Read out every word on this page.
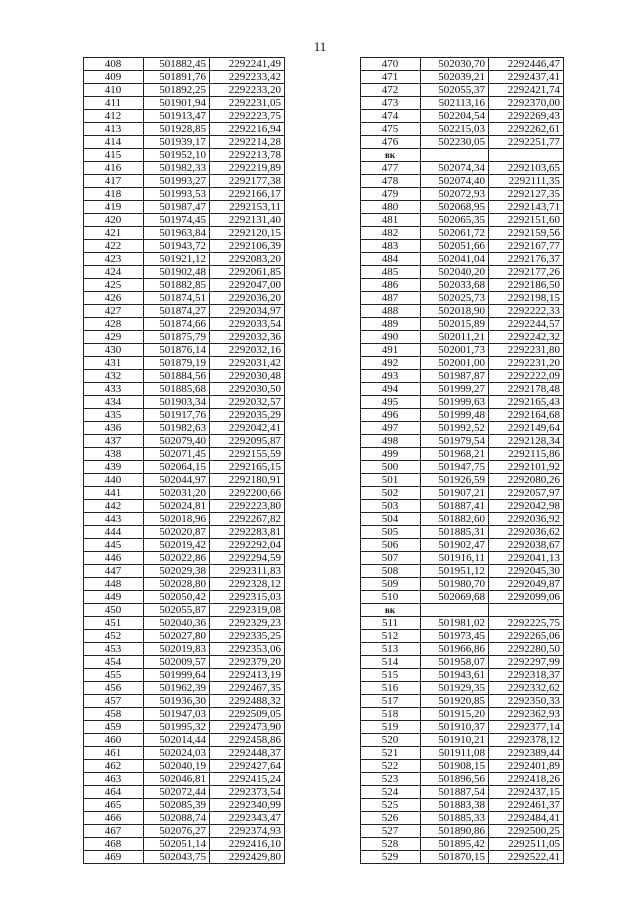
11
408	501882,45	2292241,49
409	501891,76	2292233,42
410	501892,25	2292233,20
411	501901,94	2292231,05
412	501913,47	2292223,75
413	501928,85	2292216,94
414	501939,17	2292214,28
415	501952,10	2292213,78
416	501982,33	2292219,89
417	501993,27	2292177,38
418	501993,53	2292166,17
419	501987,47	2292153,11
420	501974,45	2292131,40
421	501963,84	2292120,15
422	501943,72	2292106,39
423	501921,12	2292083,20
424	501902,48	2292061,85
425	501882,85	2292047,00
426	501874,51	2292036,20
427	501874,27	2292034,97
428	501874,66	2292033,54
429	501875,79	2292032,36
430	501876,14	2292032,16
431	501879,19	2292031,42
432	501884,56	2292030,48
433	501885,68	2292030,50
434	501903,34	2292032,57
435	501917,76	2292035,29
436	501982,63	2292042,41
437	502079,40	2292095,87
438	502071,45	2292155,59
439	502064,15	2292165,15
440	502044,97	2292180,91
441	502031,20	2292200,66
442	502024,81	2292223,80
443	502018,96	2292267,82
444	502020,87	2292283,81
445	502019,42	2292292,04
446	502022,86	2292294,59
447	502029,38	2292311,83
448	502028,80	2292328,12
449	502050,42	2292315,03
450	502055,87	2292319,08
451	502040,36	2292329,23
452	502027,80	2292335,25
453	502019,83	2292353,06
454	502009,57	2292379,20
455	501999,64	2292413,19
456	501962,39	2292467,35
457	501936,30	2292488,32
458	501947,03	2292509,05
459	501995,32	2292473,90
460	502014,44	2292458,86
461	502024,03	2292448,37
462	502040,19	2292427,64
463	502046,81	2292415,24
464	502072,44	2292373,54
465	502085,39	2292340,99
466	502088,74	2292343,47
467	502076,27	2292374,93
468	502051,14	2292416,10
469	502043,75	2292429,80
470	502030,70	2292446,47
471	502039,21	2292437,41
472	502055,37	2292421,74
473	502113,16	2292370,00
474	502204,54	2292269,43
475	502215,03	2292262,61
476	502230,05	2292251,77
вк		
477	502074,34	2292103,65
478	502074,40	2292111,35
479	502072,93	2292127,35
480	502068,95	2292143,71
481	502065,35	2292151,60
482	502061,72	2292159,56
483	502051,66	2292167,77
484	502041,04	2292176,37
485	502040,20	2292177,26
486	502033,68	2292186,50
487	502025,73	2292198,15
488	502018,90	2292222,33
489	502015,89	2292244,57
490	502011,21	2292242,32
491	502001,73	2292231,80
492	502001,00	2292231,20
493	501987,87	2292222,09
494	501999,27	2292178,48
495	501999,63	2292165,43
496	501999,48	2292164,68
497	501992,52	2292149,64
498	501979,54	2292128,34
499	501968,21	2292115,86
500	501947,75	2292101,92
501	501926,59	2292080,26
502	501907,21	2292057,97
503	501887,41	2292042,98
504	501882,60	2292036,92
505	501885,31	2292036,62
506	501902,47	2292038,67
507	501916,11	2292041,13
508	501951,12	2292045,30
509	501980,70	2292049,87
510	502069,68	2292099,06
вк		
511	501981,02	2292225,75
512	501973,45	2292265,06
513	501966,86	2292280,50
514	501958,07	2292297,99
515	501943,61	2292318,37
516	501929,35	2292332,62
517	501920,85	2292350,33
518	501915,20	2292362,93
519	501910,37	2292377,14
520	501910,21	2292378,12
521	501911,08	2292389,44
522	501908,15	2292401,89
523	501896,56	2292418,26
524	501887,54	2292437,15
525	501883,38	2292461,37
526	501885,33	2292484,41
527	501890,86	2292500,25
528	501895,42	2292511,05
529	501870,15	2292522,41
